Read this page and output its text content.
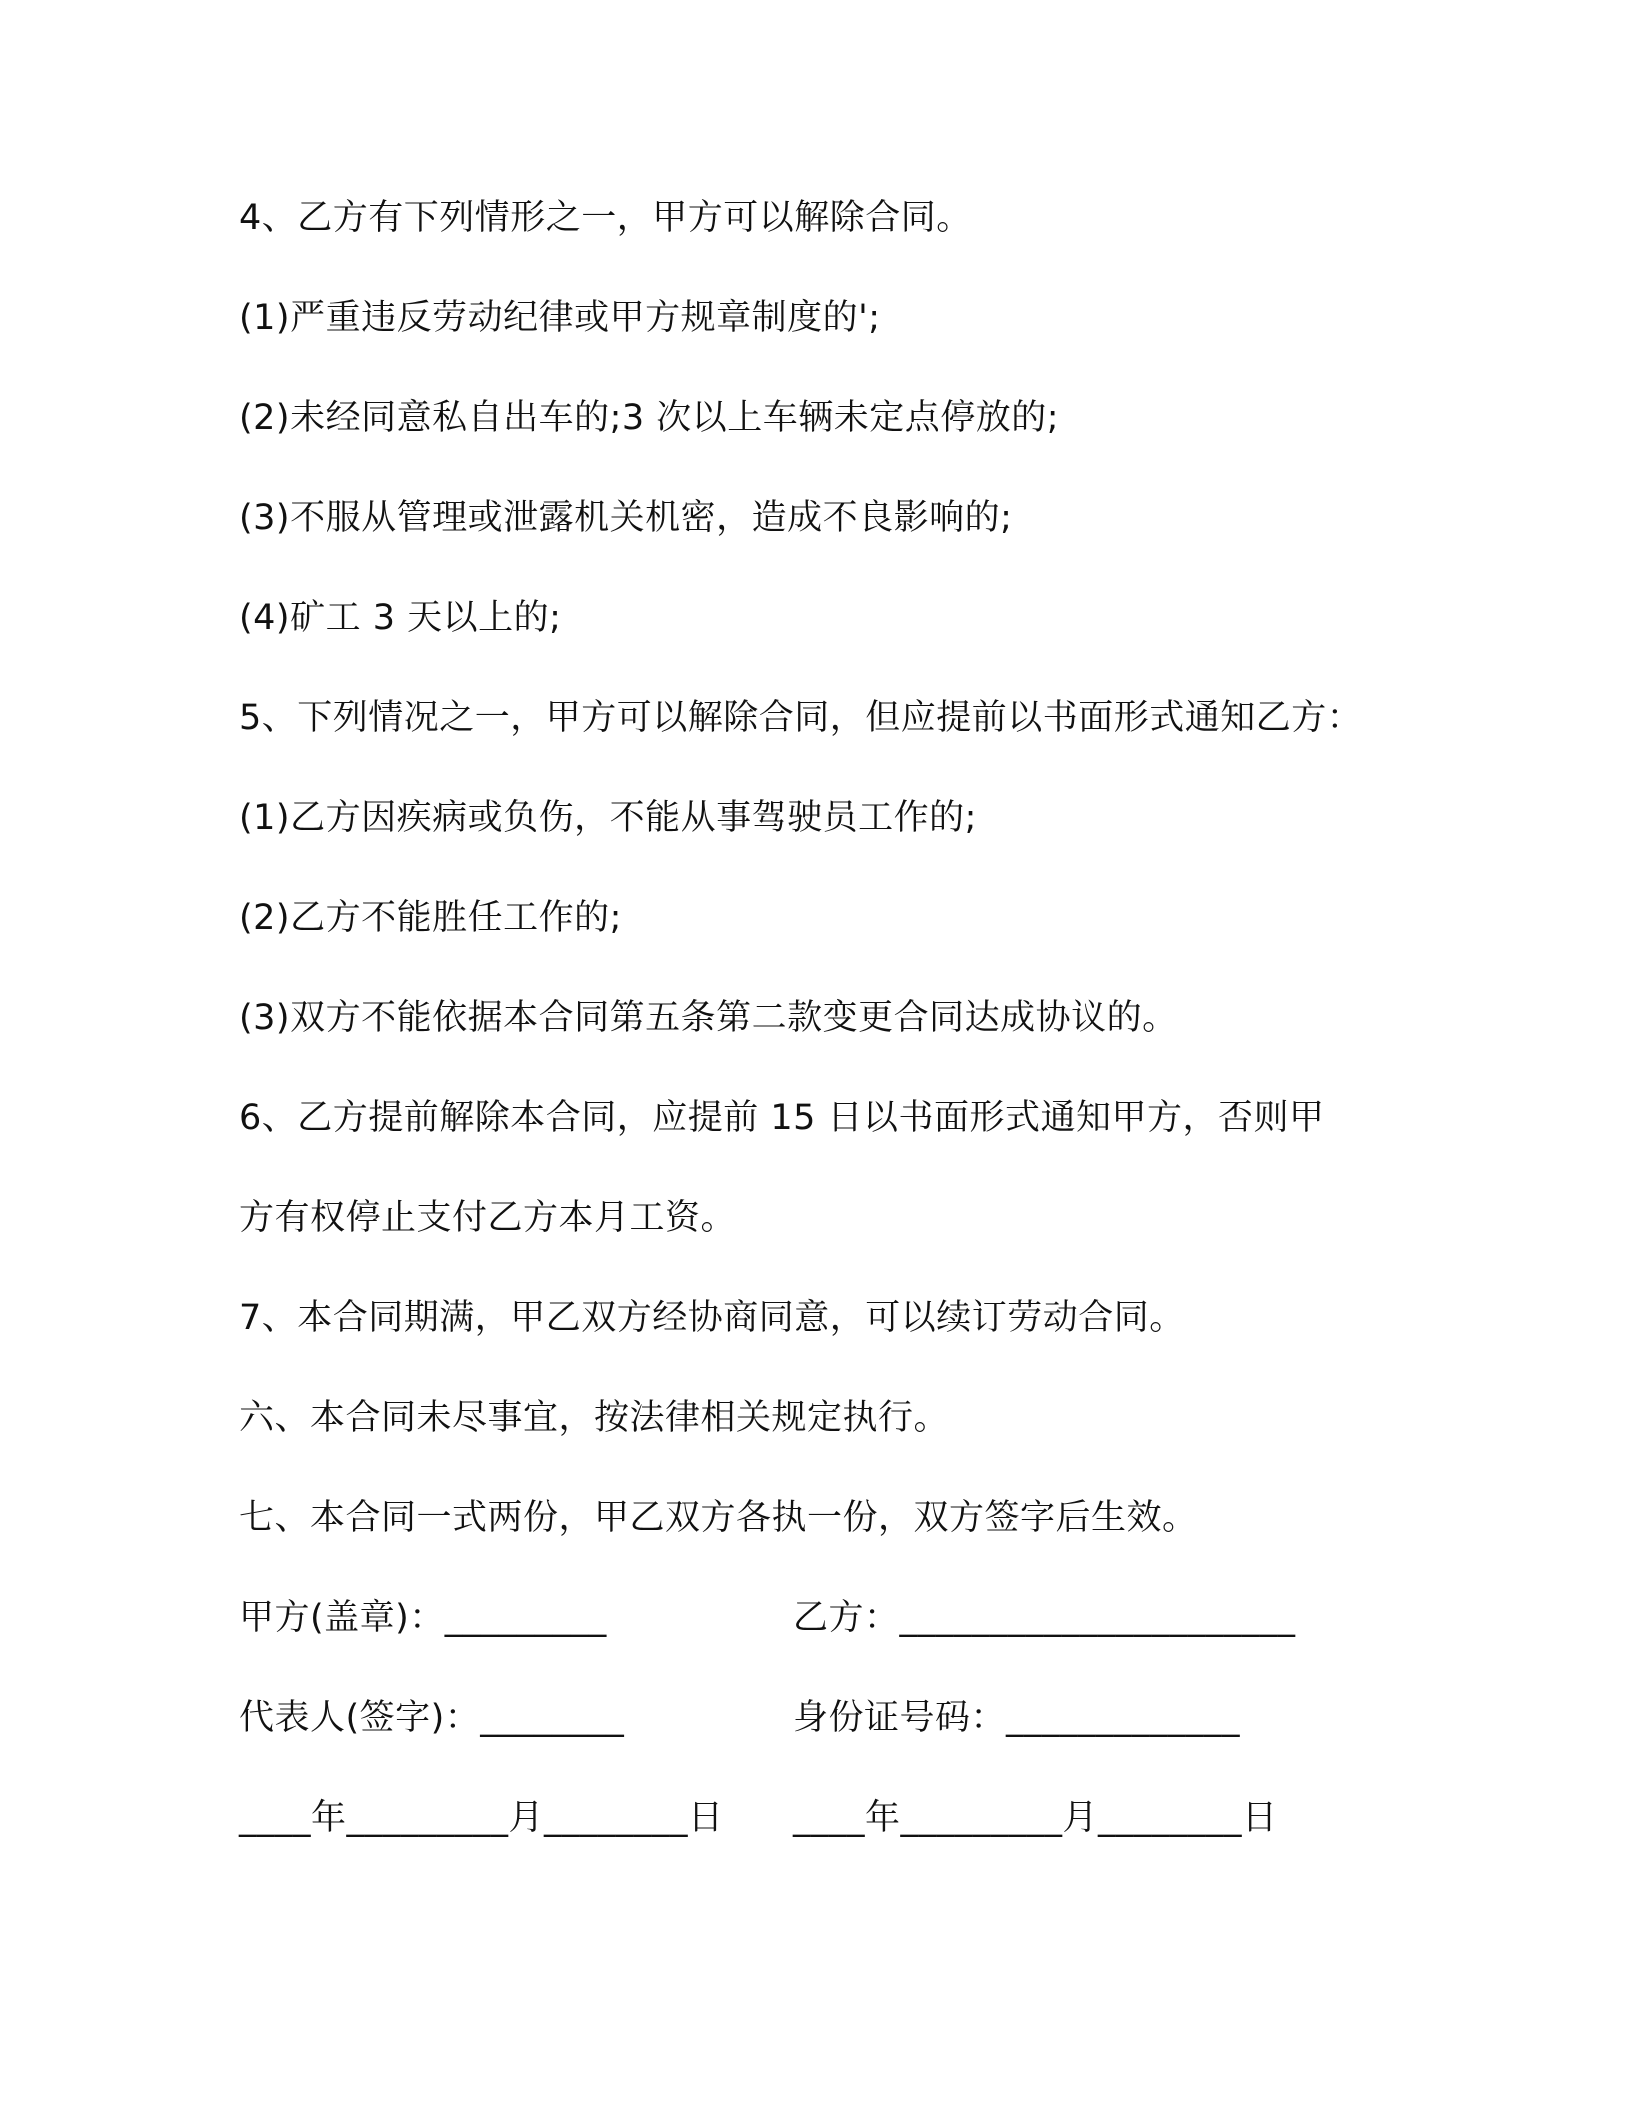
4、乙方有下列情形之一，甲方可以解除合同。
(1)严重违反劳动纪律或甲方规章制度的';
(2)未经同意私自出车的;3 次以上车辆未定点停放的;
(3)不服从管理或泄露机关机密，造成不良影响的;
(4)矿工 3 天以上的;
5、下列情况之一，甲方可以解除合同，但应提前以书面形式通知乙方：
(1)乙方因疾病或负伤，不能从事驾驶员工作的;
(2)乙方不能胜任工作的;
(3)双方不能依据本合同第五条第二款变更合同达成协议的。
6、乙方提前解除本合同，应提前 15 日以书面形式通知甲方，否则甲
方有权停止支付乙方本月工资。
7、本合同期满，甲乙双方经协商同意，可以续订劳动合同。
六、本合同未尽事宜，按法律相关规定执行。
七、本合同一式两份，甲乙双方各执一份，双方签字后生效。
甲方(盖章)：_________	乙方：______________________
代表人(签字)：________	身份证号码：_____________
____年_________月________日 ____年_________月________日
